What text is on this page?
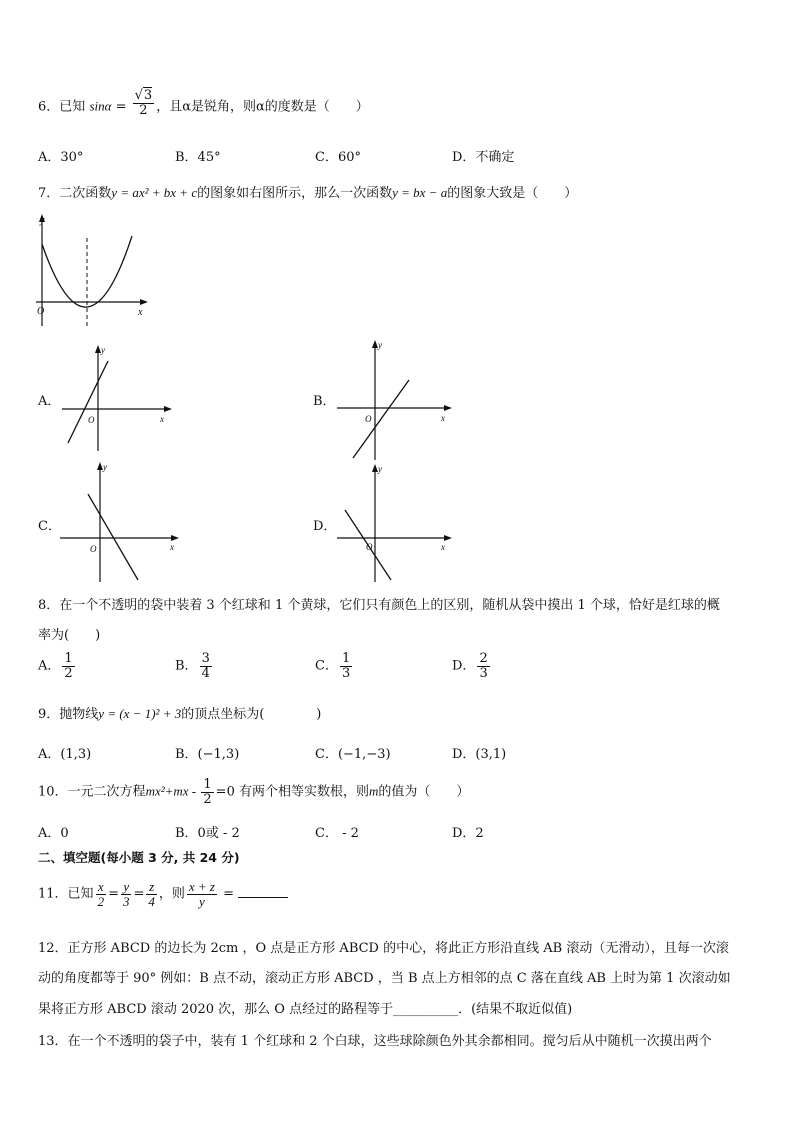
6．已知 $\sin\alpha = \frac{√3}{2}$ ，且α是锐角，则α的度数是（　　）
A．30°	B．45°	C．60°	D．不确定
7．二次函数y = ax² + bx + c的图象如右图所示，那么一次函数y = bx − a的图象大致是（　　）
y
x
O
A．
y
x
O
B．
y
x
O
C．
y
x
O
D．
y
x
O
8．在一个不透明的袋中装着 3 个红球和 1 个黄球，它们只有颜色上的区别，随机从袋中摸出 1 个球，恰好是红球的概
率为(　　)
A． $\frac{1}{2}$	B． $\frac{3}{4}$	C． $\frac{1}{3}$	D． $\frac{2}{3}$
9．抛物线y = (x − 1)² + 3的顶点坐标为(　　　　)
A．(1,3)	B．(−1,3)	C．(−1,−3)	D．(3,1)
10．一元二次方程$mx^2+mx - \frac{1}{2} =0$ 有两个相等实数根，则m的值为（　　）
A．0	B．0或 - 2	C． - 2	D．2
二、填空题(每小题 3 分, 共 24 分)
11．已知 $\frac{x}{2} = \frac{y}{3} = \frac{z}{4}$ ，则 $\frac{x + z}{y}$ =
12．正方形 ABCD 的边长为 2cm ，O 点是正方形 ABCD 的中心，将此正方形沿直线 AB 滚动（无滑动），且每一次滚
动的角度都等于 90° 例如：B 点不动，滚动正方形 ABCD ，当 B 点上方相邻的点 C 落在直线 AB 上时为第 1 次滚动如
果将正方形 ABCD 滚动 2020 次，那么 O 点经过的路程等于__________．(结果不取近似值)
13．在一个不透明的袋子中，装有 1 个红球和 2 个白球，这些球除颜色外其余都相同。搅匀后从中随机一次摸出两个
